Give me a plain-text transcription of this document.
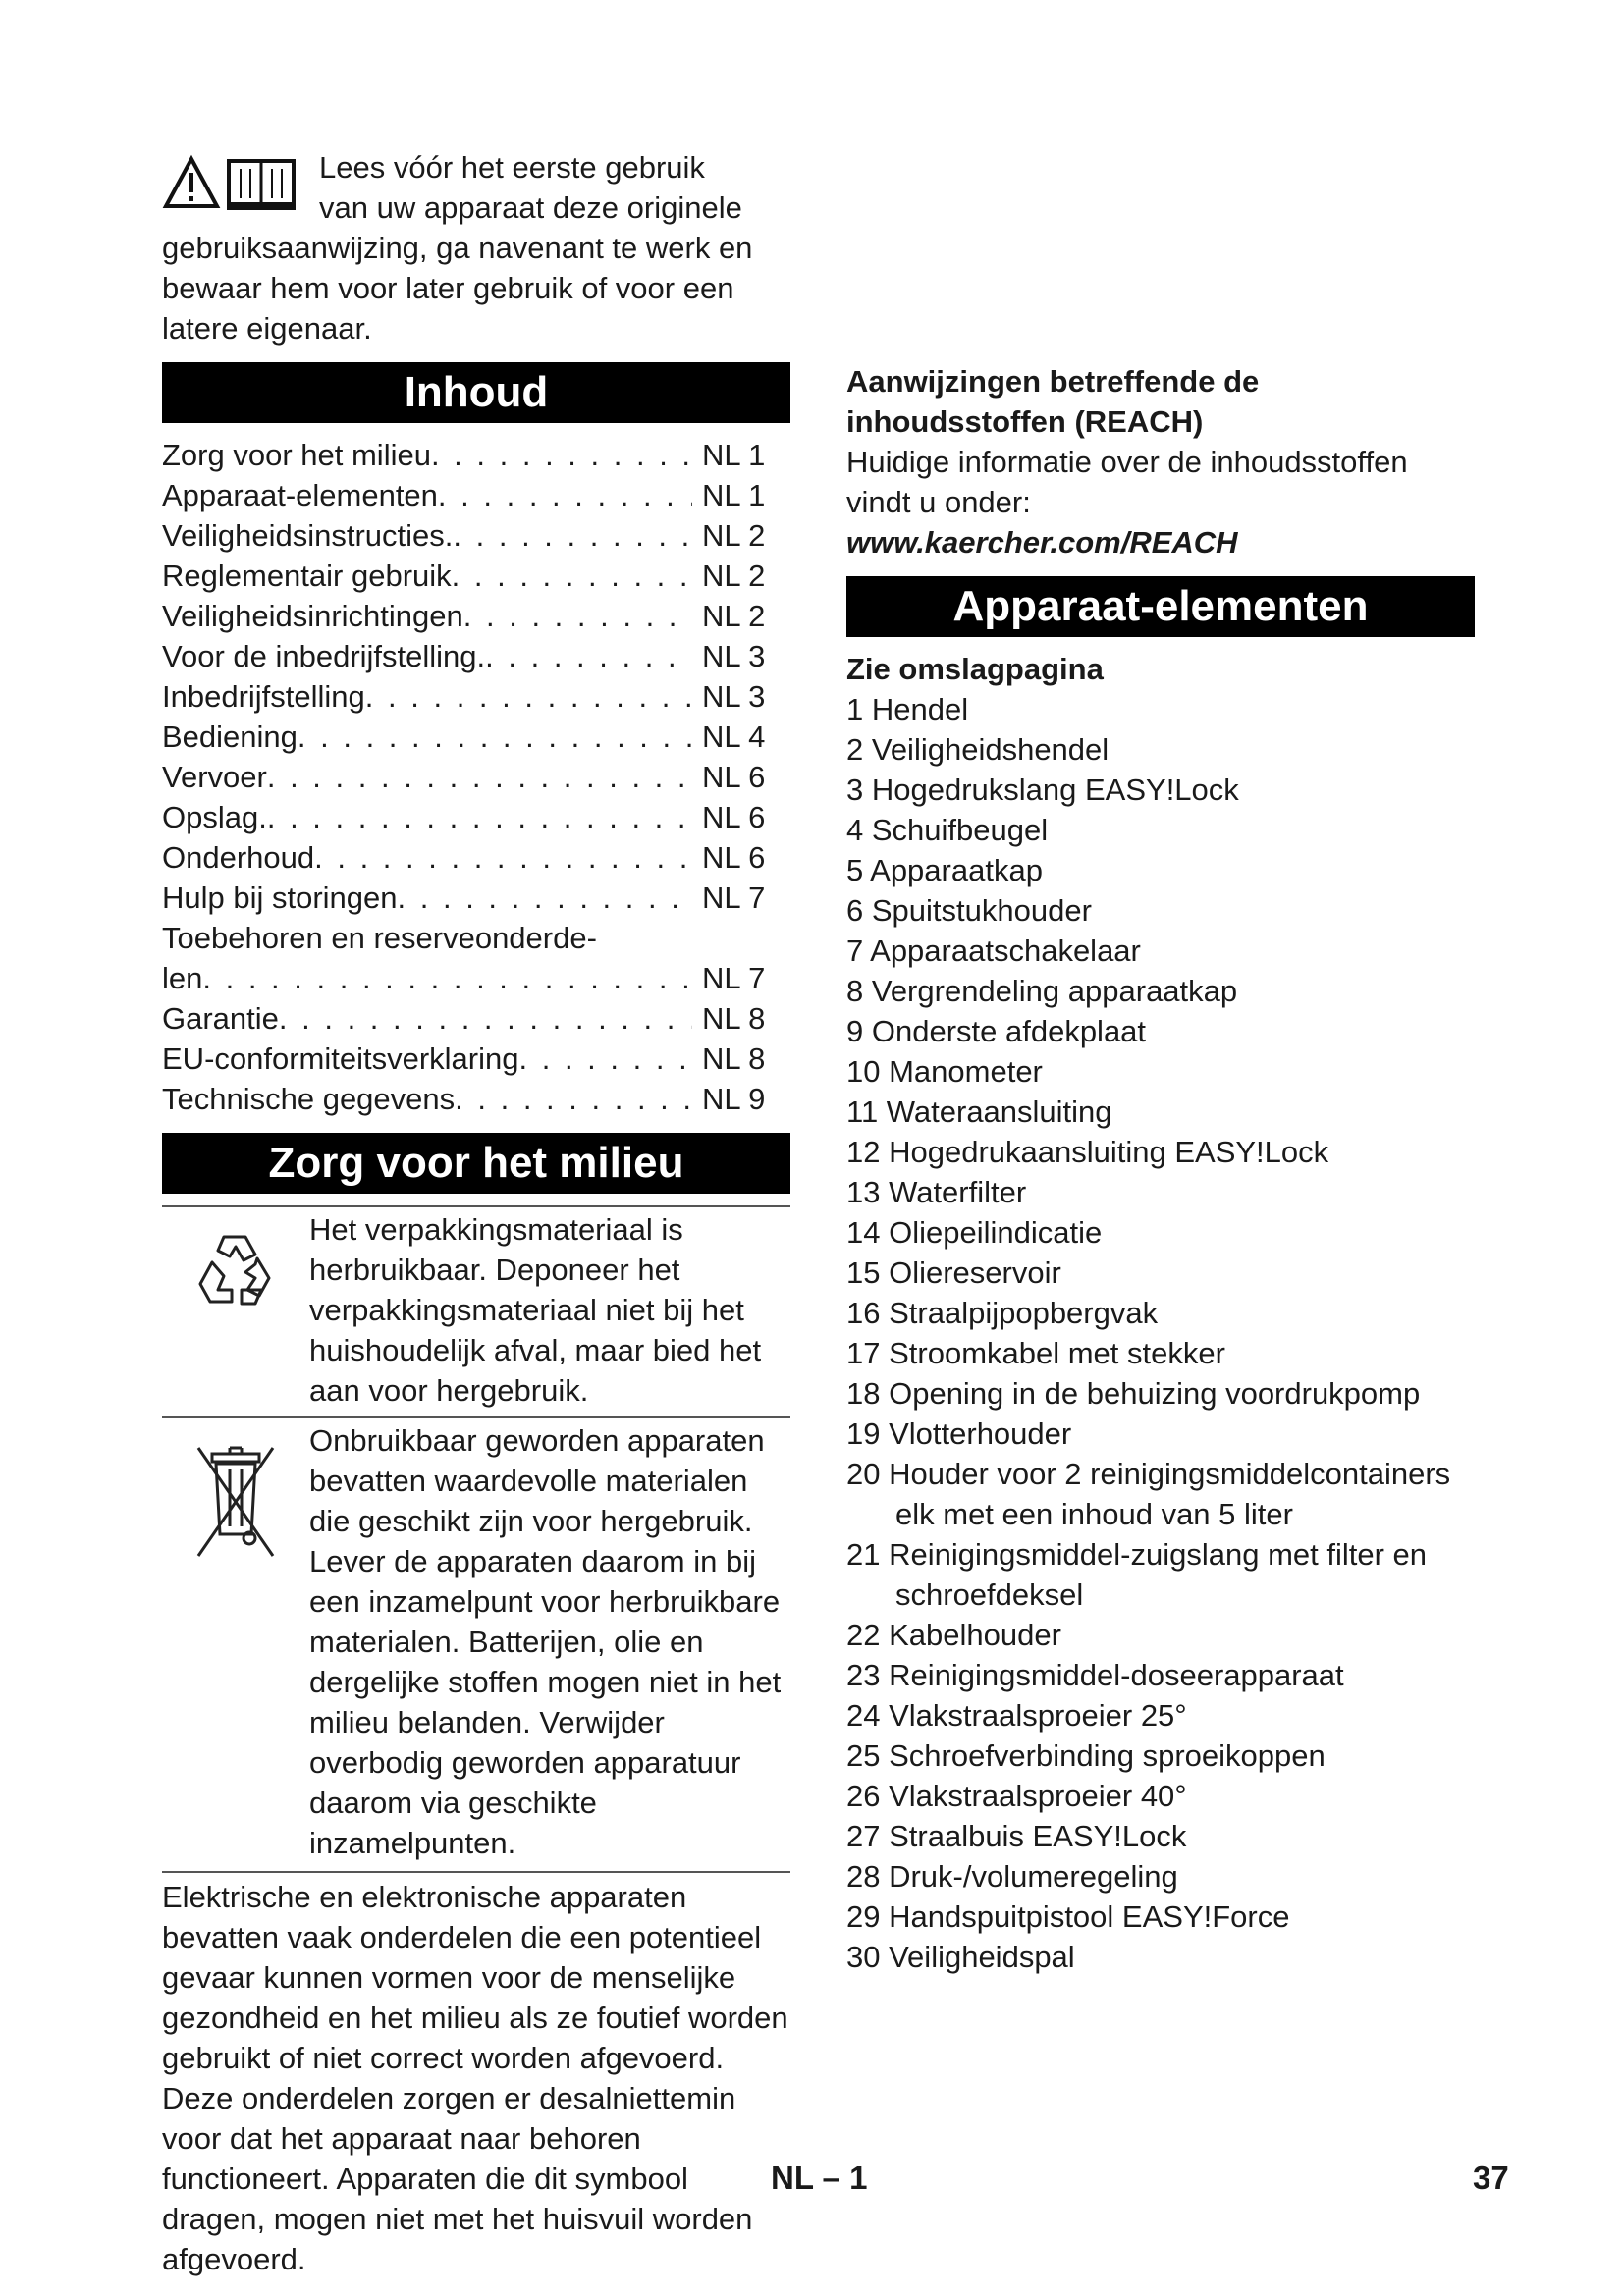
Lees vóór het eerste gebruik
van uw apparaat deze originele
gebruiksaanwijzing, ga navenant te werk en bewaar hem voor later gebruik of voor een latere eigenaar.
Inhoud
Zorg voor het milieu . . .	NL 1
Apparaat-elementen . . .	NL 1
Veiligheidsinstructies. . . .	NL 2
Reglementair gebruik . . .	NL 2
Veiligheidsinrichtingen . . .	NL 2
Voor de inbedrijfstelling. . . .	NL 3
Inbedrijfstelling . . .	NL 3
Bediening . . .	NL 4
Vervoer . . .	NL 6
Opslag. . . .	NL 6
Onderhoud . . .	NL 6
Hulp bij storingen . . .	NL 7
Toebehoren en reserveonderde-
len . . .	NL 7
Garantie . . .	NL 8
EU-conformiteitsverklaring . . .	NL 8
Technische gegevens . . .	NL 9
Zorg voor het milieu
Het verpakkingsmateriaal is herbruikbaar. Deponeer het verpakkingsmateriaal niet bij het huishoudelijk afval, maar bied het aan voor hergebruik.
Onbruikbaar geworden apparaten bevatten waardevolle materialen die geschikt zijn voor hergebruik. Lever de apparaten daarom in bij een inzamelpunt voor herbruikbare materialen. Batterijen, olie en dergelijke stoffen mogen niet in het milieu belanden. Verwijder overbodig geworden apparatuur daarom via geschikte inzamelpunten.
Elektrische en elektronische apparaten bevatten vaak onderdelen die een potentieel gevaar kunnen vormen voor de menselijke gezondheid en het milieu als ze foutief worden gebruikt of niet correct worden afgevoerd. Deze onderdelen zorgen er desalniettemin voor dat het apparaat naar behoren functioneert. Apparaten die dit symbool dragen, mogen niet met het huisvuil worden afgevoerd.
Aanwijzingen betreffende de inhoudsstoffen (REACH)
Huidige informatie over de inhoudsstoffen vindt u onder:
www.kaercher.com/REACH
Apparaat-elementen
Zie omslagpagina
1 Hendel
2 Veiligheidshendel
3 Hogedrukslang EASY!Lock
4 Schuifbeugel
5 Apparaatkap
6 Spuitstukhouder
7 Apparaatschakelaar
8 Vergrendeling apparaatkap
9 Onderste afdekplaat
10 Manometer
11 Wateraansluiting
12 Hogedrukaansluiting EASY!Lock
13 Waterfilter
14 Oliepeilindicatie
15 Oliereservoir
16 Straalpijpopbergvak
17 Stroomkabel met stekker
18 Opening in de behuizing voordrukpomp
19 Vlotterhouder
20 Houder voor 2 reinigingsmiddelcontainers elk met een inhoud van 5 liter
21 Reinigingsmiddel-zuigslang met filter en schroefdeksel
22 Kabelhouder
23 Reinigingsmiddel-doseerapparaat
24 Vlakstraalsproeier 25°
25 Schroefverbinding sproeikoppen
26 Vlakstraalsproeier 40°
27 Straalbuis EASY!Lock
28 Druk-/volumeregeling
29 Handspuitpistool EASY!Force
30 Veiligheidspal
NL – 1	37
